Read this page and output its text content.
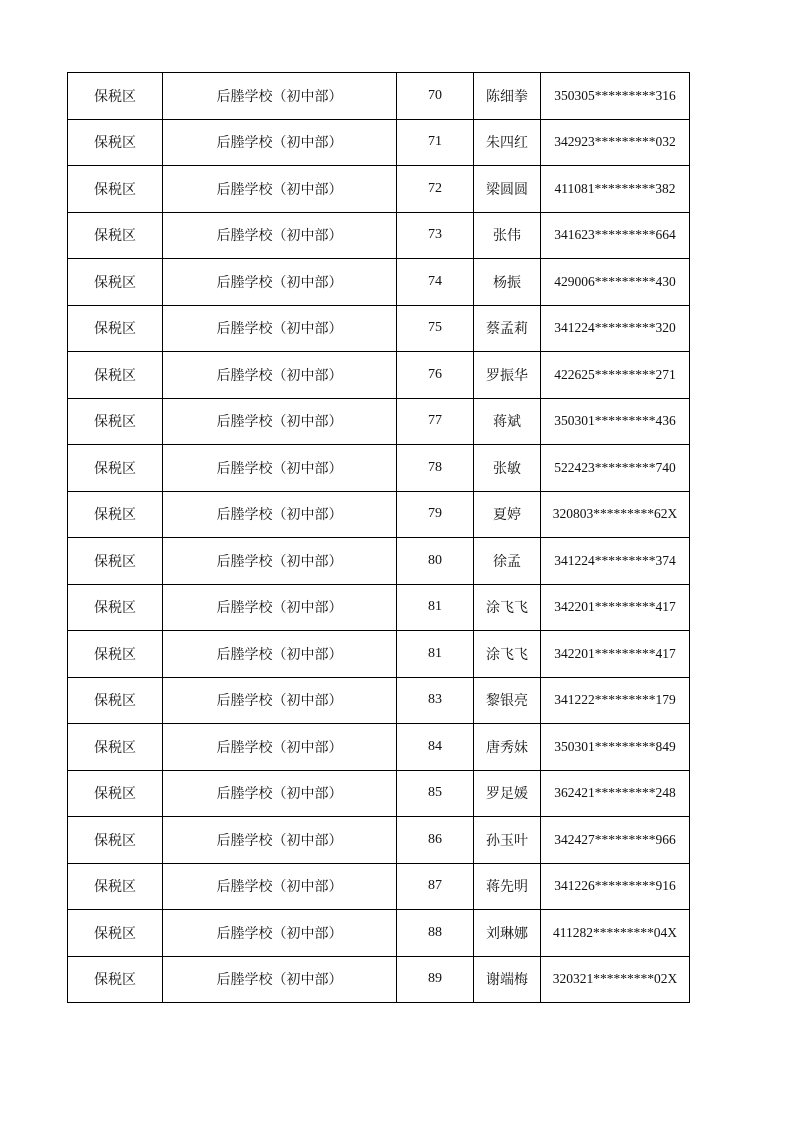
保税区	后塍学校（初中部）	70	陈细拳	350305*********316
保税区	后塍学校（初中部）	71	朱四红	342923*********032
保税区	后塍学校（初中部）	72	梁圆圆	411081*********382
保税区	后塍学校（初中部）	73	张伟	341623*********664
保税区	后塍学校（初中部）	74	杨振	429006*********430
保税区	后塍学校（初中部）	75	蔡孟莉	341224*********320
保税区	后塍学校（初中部）	76	罗振华	422625*********271
保税区	后塍学校（初中部）	77	蒋斌	350301*********436
保税区	后塍学校（初中部）	78	张敏	522423*********740
保税区	后塍学校（初中部）	79	夏婷	320803*********62X
保税区	后塍学校（初中部）	80	徐孟	341224*********374
保税区	后塍学校（初中部）	81	涂飞飞	342201*********417
保税区	后塍学校（初中部）	81	涂飞飞	342201*********417
保税区	后塍学校（初中部）	83	黎银亮	341222*********179
保税区	后塍学校（初中部）	84	唐秀妹	350301*********849
保税区	后塍学校（初中部）	85	罗足媛	362421*********248
保税区	后塍学校（初中部）	86	孙玉叶	342427*********966
保税区	后塍学校（初中部）	87	蒋先明	341226*********916
保税区	后塍学校（初中部）	88	刘琳娜	411282*********04X
保税区	后塍学校（初中部）	89	谢端梅	320321*********02X
